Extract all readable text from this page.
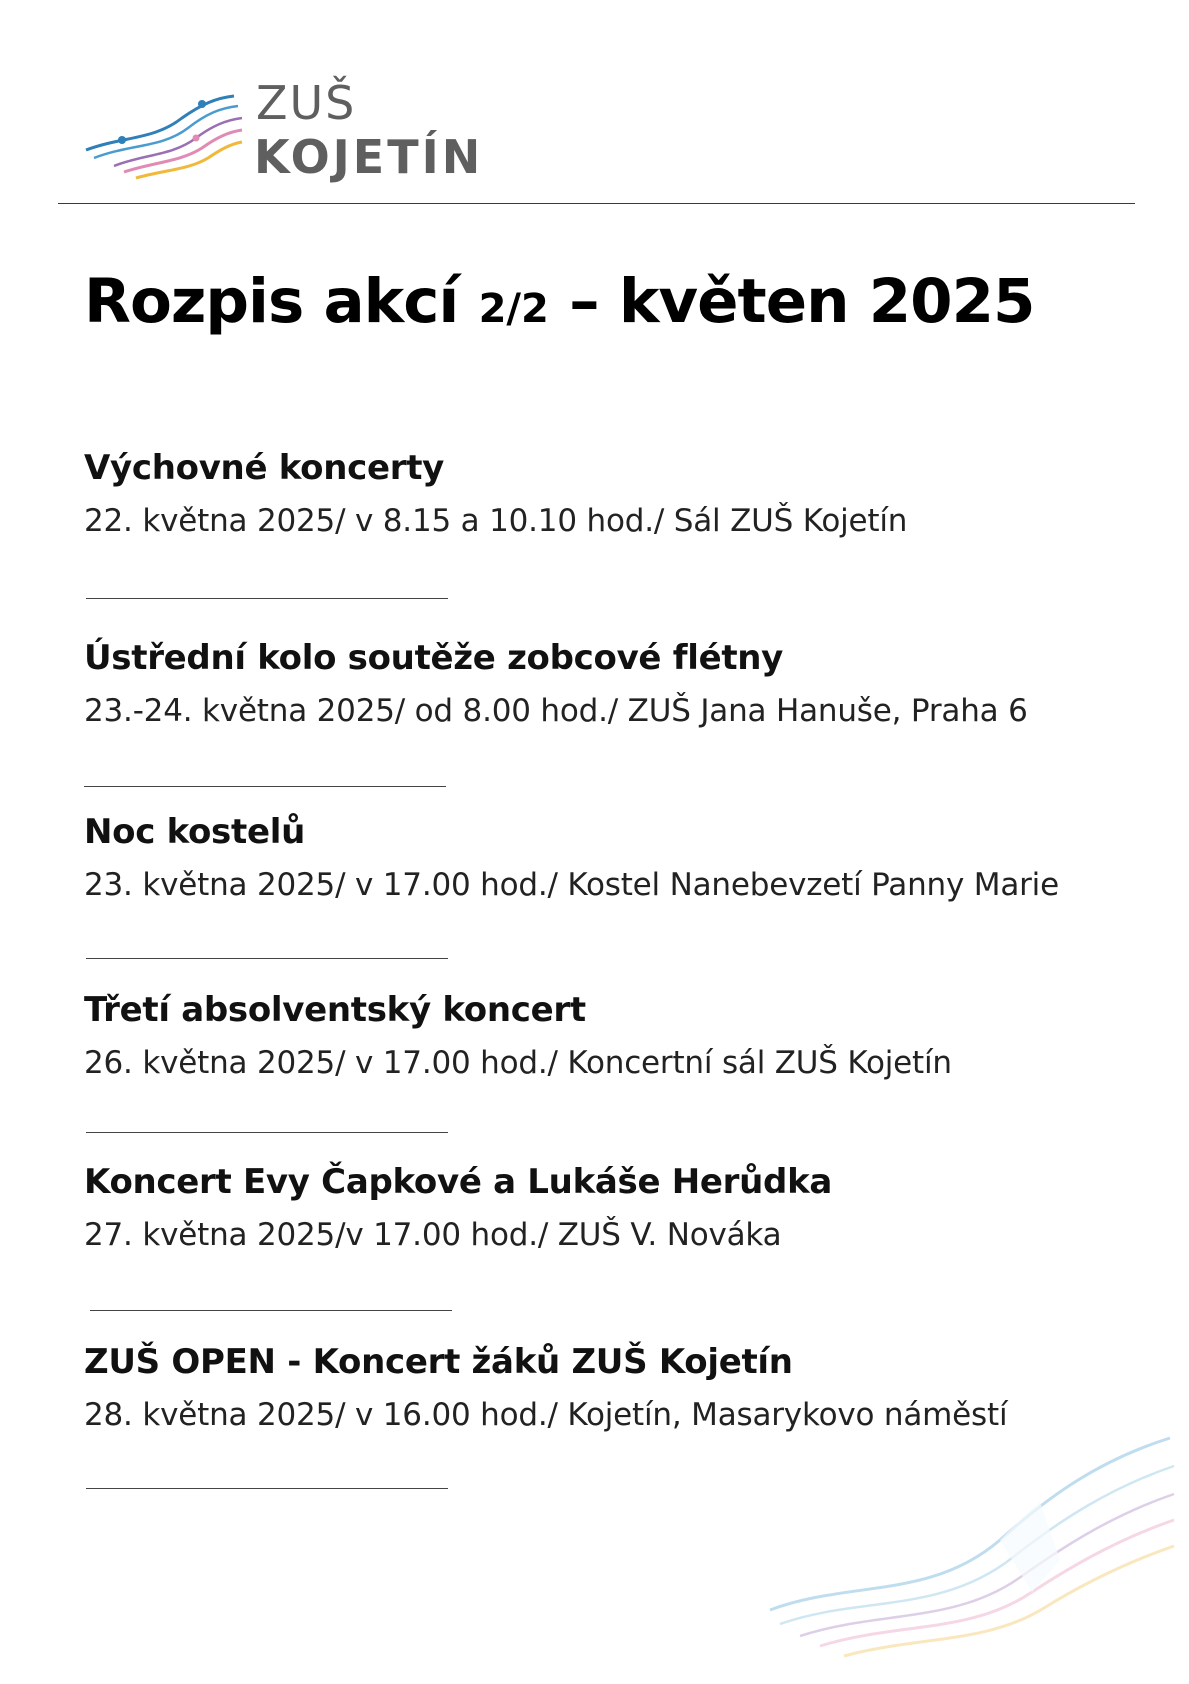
ZUŠ
KOJETÍN
Rozpis akcí 2/2 – květen 2025
Výchovné koncerty

22. května 2025/ v 8.15 a 10.10 hod./ Sál ZUŠ Kojetín

Ústřední kolo soutěže zobcové flétny

23.-24. května 2025/ od 8.00 hod./ ZUŠ Jana Hanuše, Praha 6

Noc kostelů

23. května 2025/ v 17.00 hod./ Kostel Nanebevzetí Panny Marie

Třetí absolventský koncert

26. května 2025/ v 17.00 hod./ Koncertní sál ZUŠ Kojetín

Koncert Evy Čapkové a Lukáše Herůdka

27. května 2025/v 17.00 hod./ ZUŠ V. Nováka

ZUŠ OPEN - Koncert žáků ZUŠ Kojetín

28. května 2025/ v 16.00 hod./ Kojetín, Masarykovo náměstí
